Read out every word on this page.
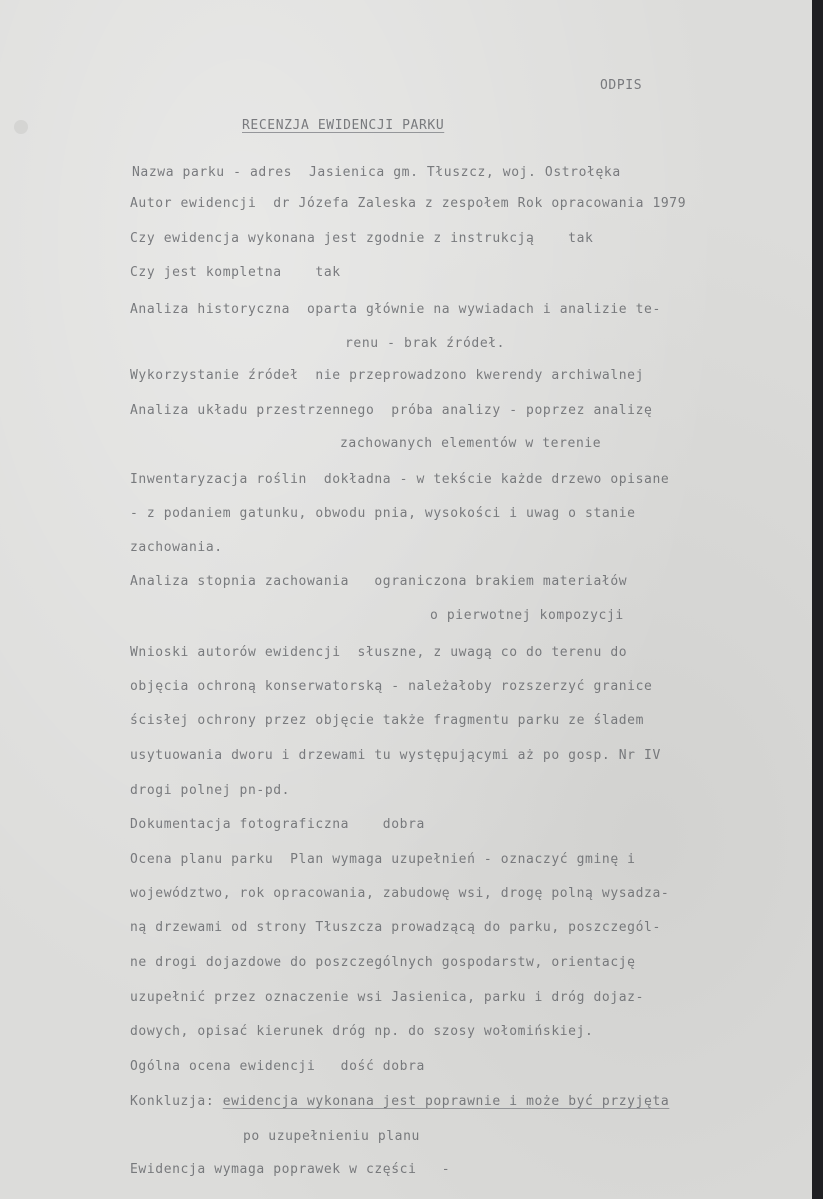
ODPIS
RECENZJA EWIDENCJI PARKU
Nazwa parku - adres  Jasienica gm. Tłuszcz, woj. Ostrołęka
Autor ewidencji  dr Józefa Zaleska z zespołem Rok opracowania 1979
Czy ewidencja wykonana jest zgodnie z instrukcją    tak
Czy jest kompletna    tak
Analiza historyczna  oparta głównie na wywiadach i analizie te-
renu - brak źródeł.
Wykorzystanie źródeł  nie przeprowadzono kwerendy archiwalnej
Analiza układu przestrzennego  próba analizy - poprzez analizę
zachowanych elementów w terenie
Inwentaryzacja roślin  dokładna - w tekście każde drzewo opisane
- z podaniem gatunku, obwodu pnia, wysokości i uwag o stanie
zachowania.
Analiza stopnia zachowania   ograniczona brakiem materiałów
o pierwotnej kompozycji
Wnioski autorów ewidencji  słuszne, z uwagą co do terenu do
objęcia ochroną konserwatorską - należałoby rozszerzyć granice
ścisłej ochrony przez objęcie także fragmentu parku ze śladem
usytuowania dworu i drzewami tu występującymi aż po gosp. Nr IV
drogi polnej pn-pd.
Dokumentacja fotograficzna    dobra
Ocena planu parku  Plan wymaga uzupełnień - oznaczyć gminę i
województwo, rok opracowania, zabudowę wsi, drogę polną wysadza-
ną drzewami od strony Tłuszcza prowadzącą do parku, poszczegól-
ne drogi dojazdowe do poszczególnych gospodarstw, orientację
uzupełnić przez oznaczenie wsi Jasienica, parku i dróg dojaz-
dowych, opisać kierunek dróg np. do szosy wołomińskiej.
Ogólna ocena ewidencji   dość dobra
Konkluzja: ewidencja wykonana jest poprawnie i może być przyjęta
po uzupełnieniu planu
Ewidencja wymaga poprawek w części   -
